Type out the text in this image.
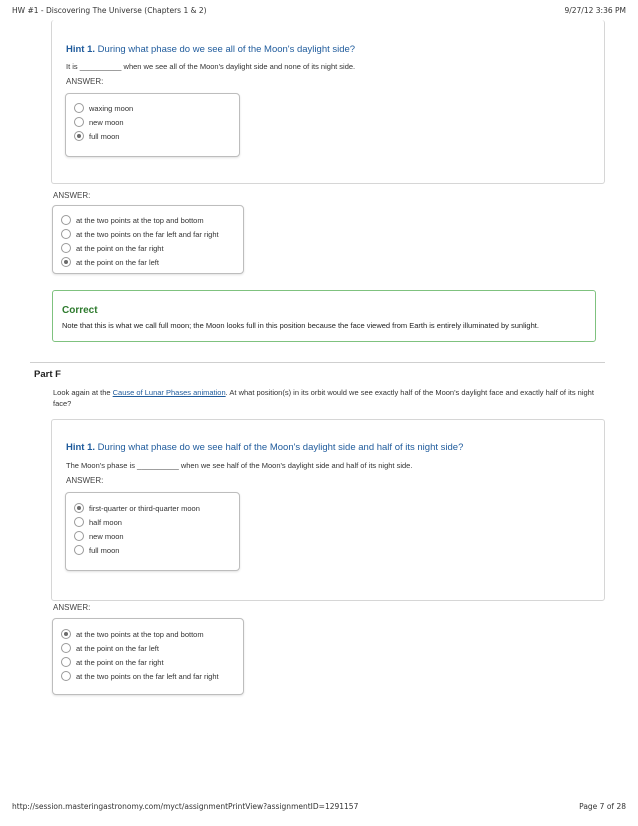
HW #1 - Discovering The Universe (Chapters 1 & 2)	9/27/12 3:36 PM
Hint 1. During what phase do we see all of the Moon's daylight side?
It is __________ when we see all of the Moon's daylight side and none of its night side.
ANSWER:
waxing moon
new moon
full moon
ANSWER:
at the two points at the top and bottom
at the two points on the far left and far right
at the point on the far right
at the point on the far left
Correct
Note that this is what we call full moon; the Moon looks full in this position because the face viewed from Earth is entirely illuminated by sunlight.
Part F
Look again at the Cause of Lunar Phases animation. At what position(s) in its orbit would we see exactly half of the Moon's daylight face and exactly half of its night face?
Hint 1. During what phase do we see half of the Moon's daylight side and half of its night side?
The Moon's phase is __________ when we see half of the Moon's daylight side and half of its night side.
ANSWER:
first-quarter or third-quarter moon
half moon
new moon
full moon
ANSWER:
at the two points at the top and bottom
at the point on the far left
at the point on the far right
at the two points on the far left and far right
http://session.masteringastronomy.com/myct/assignmentPrintView?assignmentID=1291157	Page 7 of 28
